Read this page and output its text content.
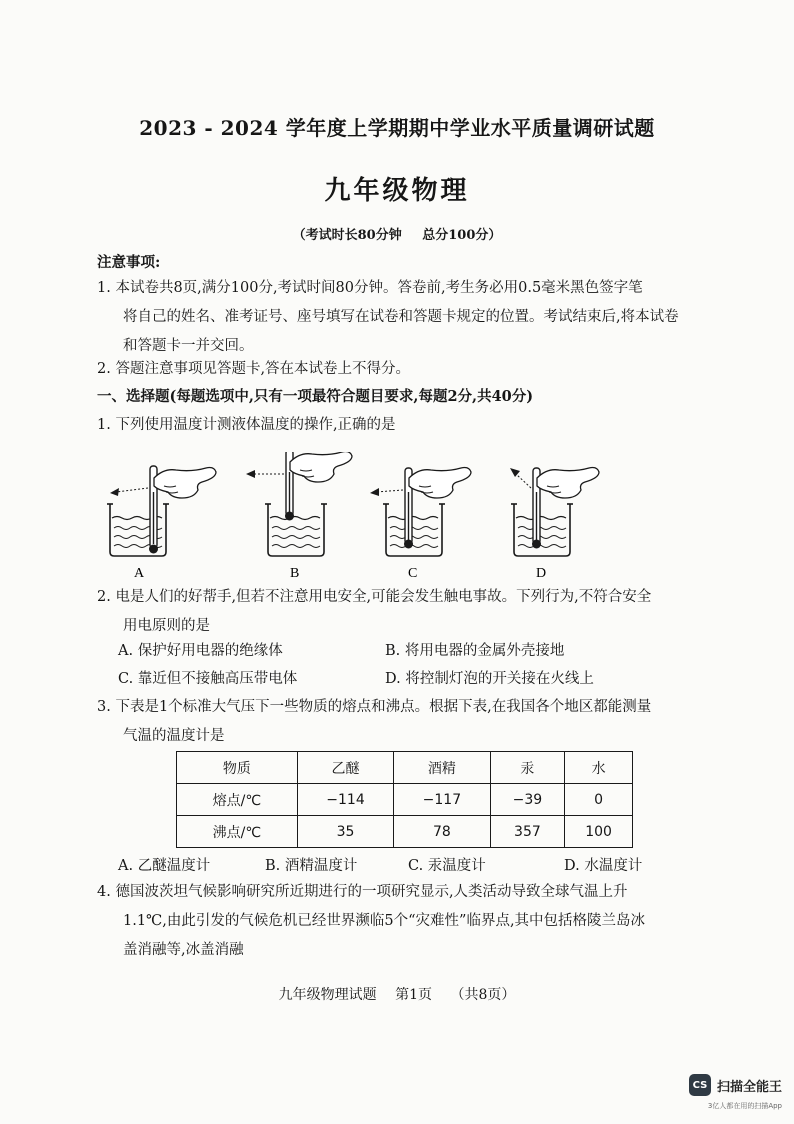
2023 - 2024 学年度上学期期中学业水平质量调研试题
九年级物理
（考试时长80分钟 总分100分）
注意事项:
1. 本试卷共8页,满分100分,考试时间80分钟。答卷前,考生务必用0.5毫米黑色签字笔
将自己的姓名、准考证号、座号填写在试卷和答题卡规定的位置。考试结束后,将本试卷
和答题卡一并交回。
2. 答题注意事项见答题卡,答在本试卷上不得分。
一、选择题(每题选项中,只有一项最符合题目要求,每题2分,共40分)
1. 下列使用温度计测液体温度的操作,正确的是
A	B	C	D
2. 电是人们的好帮手,但若不注意用电安全,可能会发生触电事故。下列行为,不符合安全
用电原则的是
A. 保护好用电器的绝缘体	B. 将用电器的金属外壳接地
C. 靠近但不接触高压带电体	D. 将控制灯泡的开关接在火线上
3. 下表是1个标准大气压下一些物质的熔点和沸点。根据下表,在我国各个地区都能测量
气温的温度计是
物质	乙醚	酒精	汞	水
熔点/℃	−114	−117	−39	0
沸点/℃	35	78	357	100
A. 乙醚温度计	B. 酒精温度计	C. 汞温度计	D. 水温度计
4. 德国波茨坦气候影响研究所近期进行的一项研究显示,人类活动导致全球气温上升
1.1℃,由此引发的气候危机已经世界濒临5个“灾难性”临界点,其中包括格陵兰岛冰
盖消融等,冰盖消融
九年级物理试题 第1页 （共8页）
CS 扫描全能王
3亿人都在用的扫描App
